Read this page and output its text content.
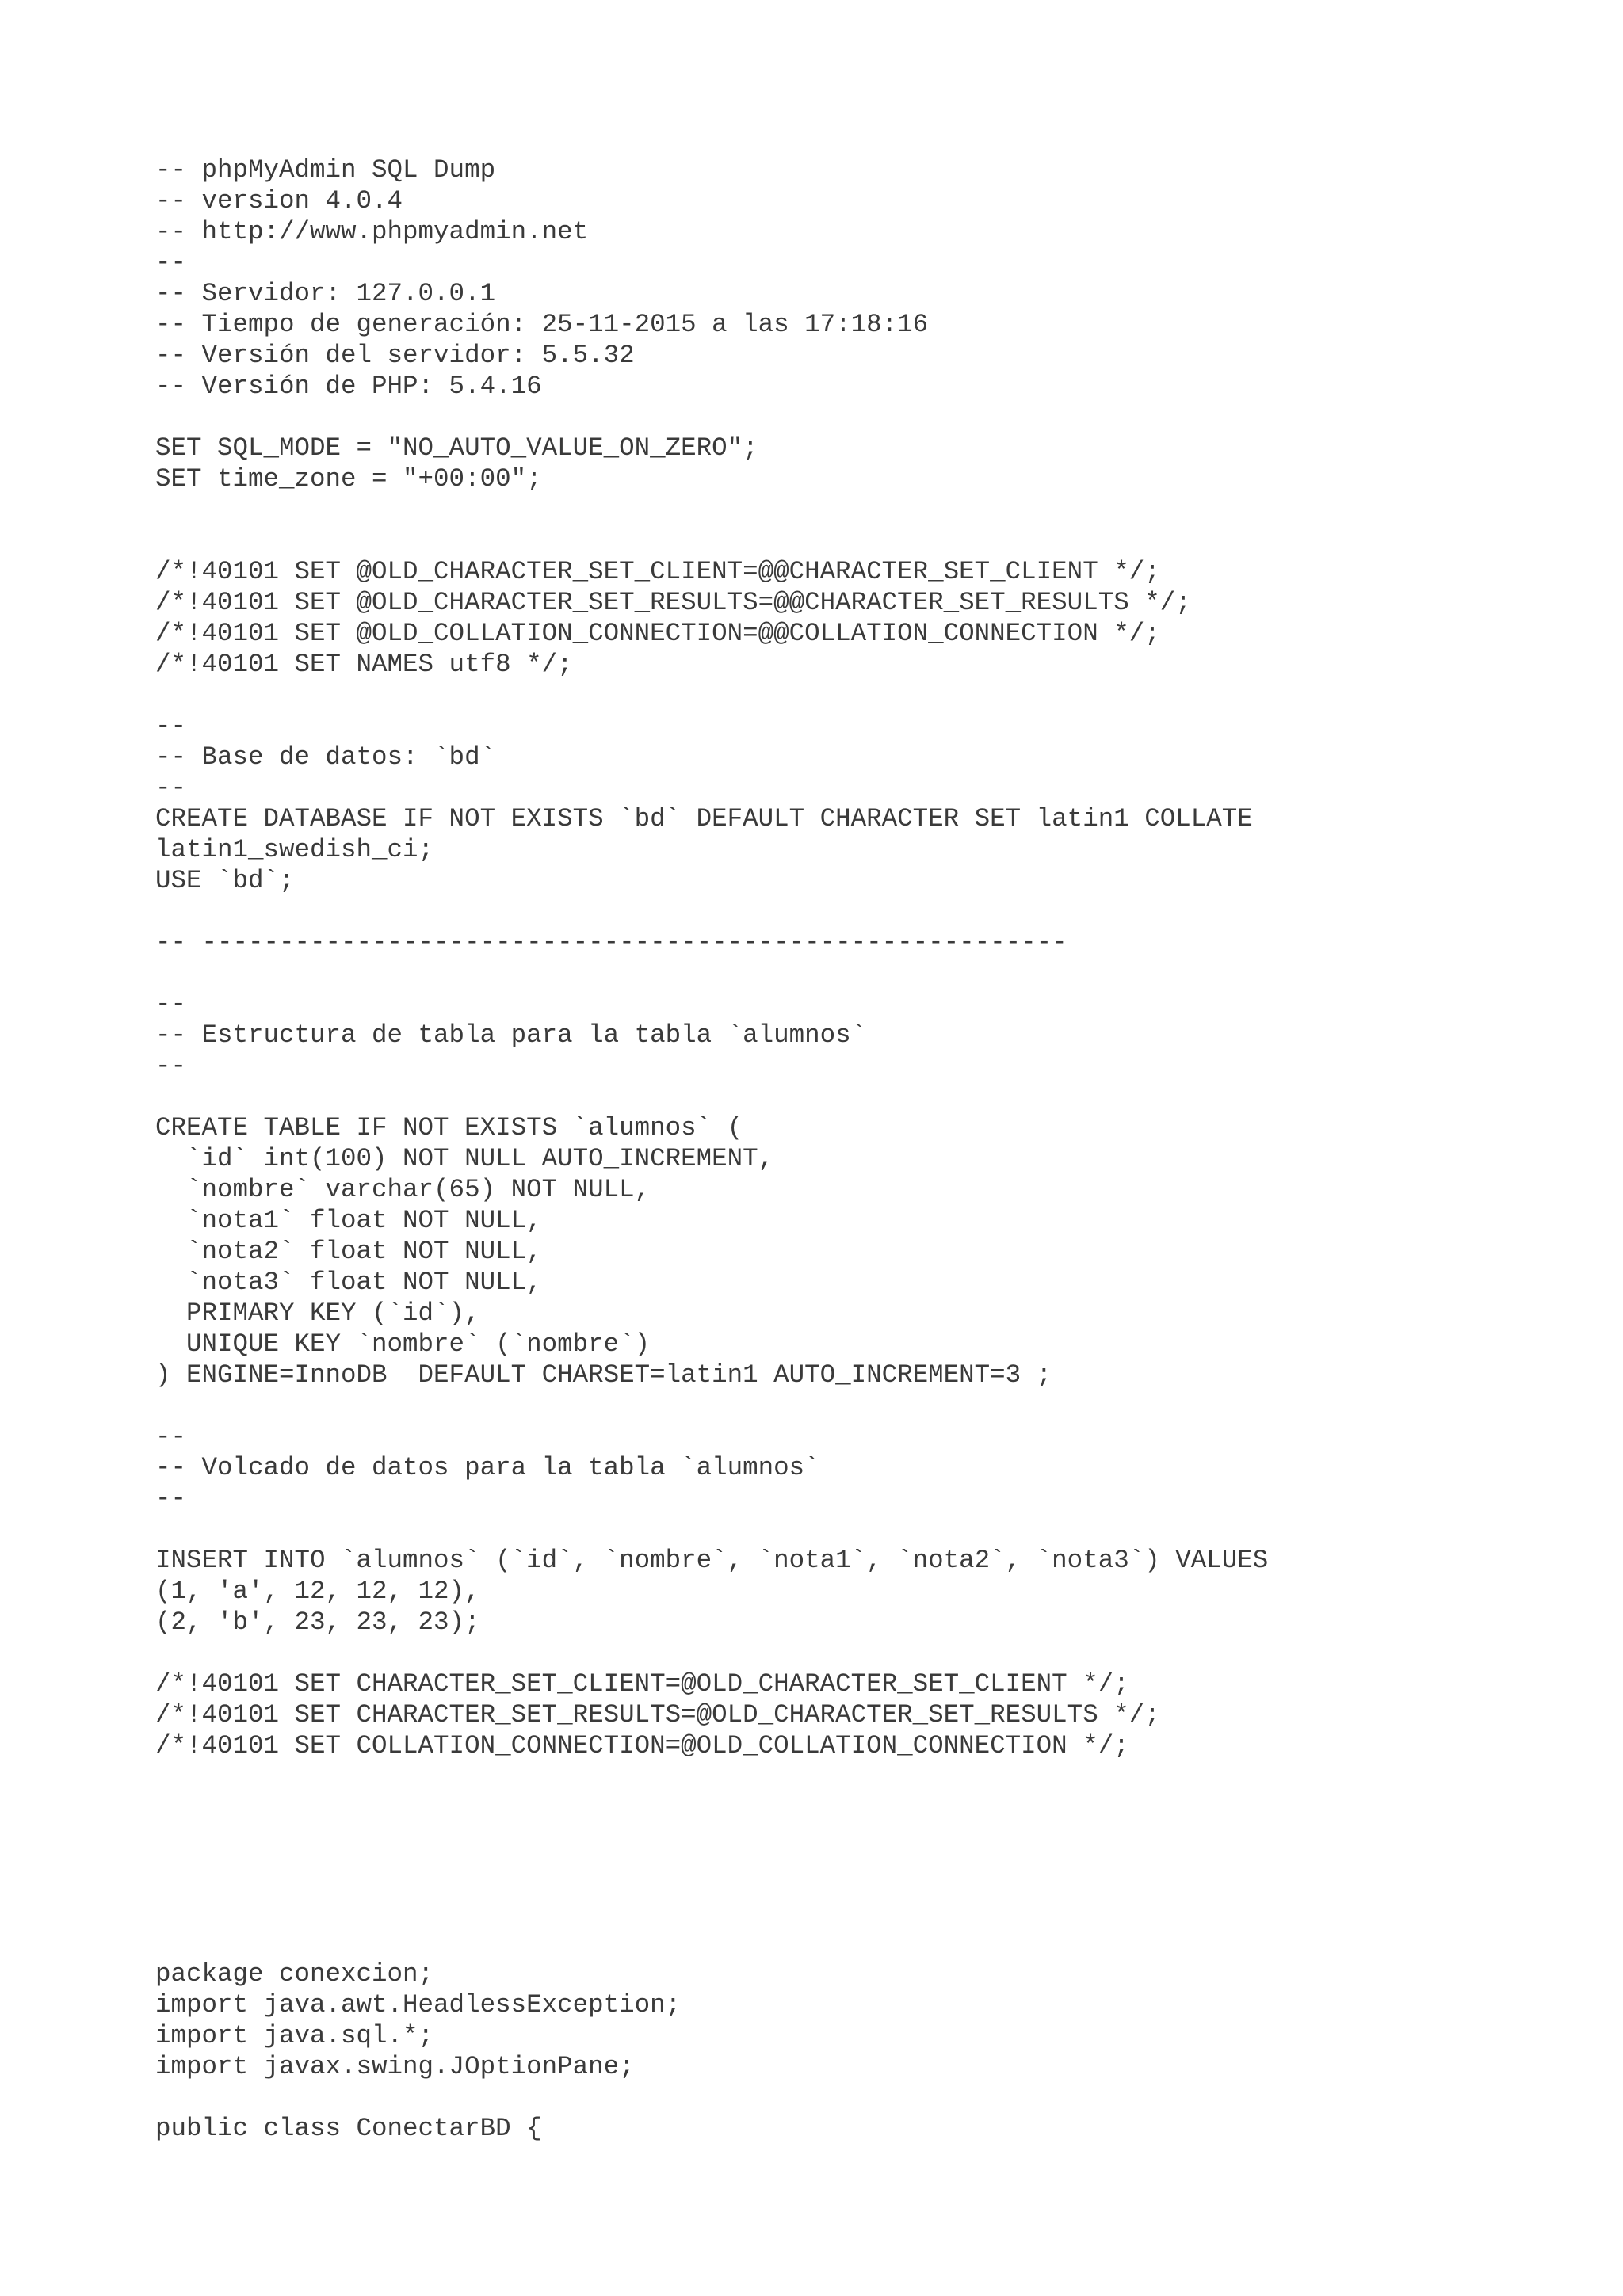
-- phpMyAdmin SQL Dump
-- version 4.0.4
-- http://www.phpmyadmin.net
--
-- Servidor: 127.0.0.1
-- Tiempo de generación: 25-11-2015 a las 17:18:16
-- Versión del servidor: 5.5.32
-- Versión de PHP: 5.4.16
SET SQL_MODE = "NO_AUTO_VALUE_ON_ZERO";
SET time_zone = "+00:00";
/*!40101 SET @OLD_CHARACTER_SET_CLIENT=@@CHARACTER_SET_CLIENT */;
/*!40101 SET @OLD_CHARACTER_SET_RESULTS=@@CHARACTER_SET_RESULTS */;
/*!40101 SET @OLD_COLLATION_CONNECTION=@@COLLATION_CONNECTION */;
/*!40101 SET NAMES utf8 */;
--
-- Base de datos: `bd`
--
CREATE DATABASE IF NOT EXISTS `bd` DEFAULT CHARACTER SET latin1 COLLATE
latin1_swedish_ci;
USE `bd`;
-- --------------------------------------------------------
--
-- Estructura de tabla para la tabla `alumnos`
--
CREATE TABLE IF NOT EXISTS `alumnos` (
`id` int(100) NOT NULL AUTO_INCREMENT,
`nombre` varchar(65) NOT NULL,
`nota1` float NOT NULL,
`nota2` float NOT NULL,
`nota3` float NOT NULL,
PRIMARY KEY (`id`),
UNIQUE KEY `nombre` (`nombre`)
) ENGINE=InnoDB  DEFAULT CHARSET=latin1 AUTO_INCREMENT=3 ;
--
-- Volcado de datos para la tabla `alumnos`
--
INSERT INTO `alumnos` (`id`, `nombre`, `nota1`, `nota2`, `nota3`) VALUES
(1, 'a', 12, 12, 12),
(2, 'b', 23, 23, 23);
/*!40101 SET CHARACTER_SET_CLIENT=@OLD_CHARACTER_SET_CLIENT */;
/*!40101 SET CHARACTER_SET_RESULTS=@OLD_CHARACTER_SET_RESULTS */;
/*!40101 SET COLLATION_CONNECTION=@OLD_COLLATION_CONNECTION */;
package conexcion;
import java.awt.HeadlessException;
import java.sql.*;
import javax.swing.JOptionPane;
public class ConectarBD {
